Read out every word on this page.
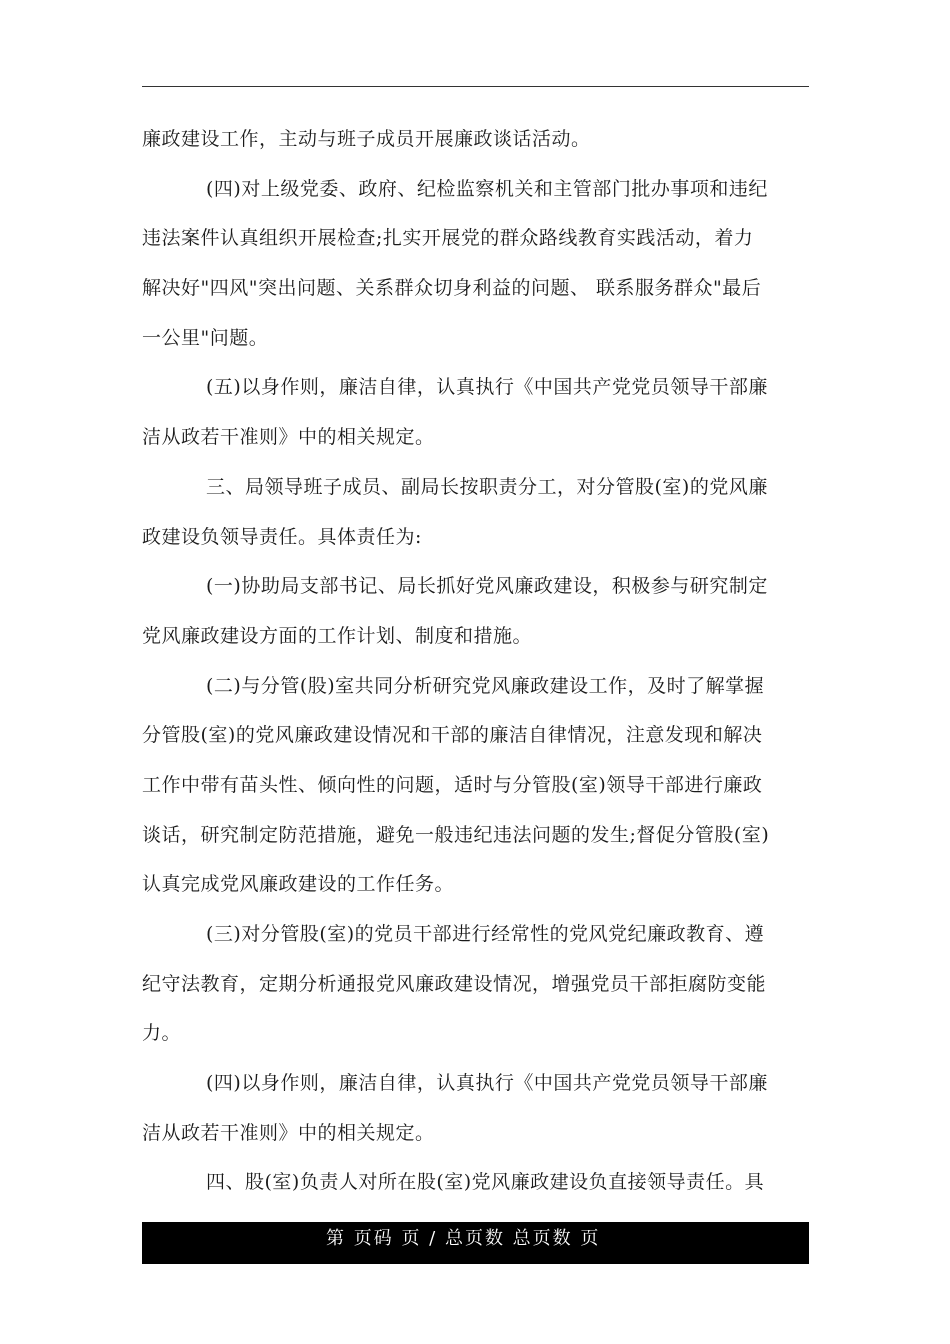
廉政建设工作，主动与班子成员开展廉政谈话活动。
(四)对上级党委、政府、纪检监察机关和主管部门批办事项和违纪
违法案件认真组织开展检查;扎实开展党的群众路线教育实践活动，着力
解决好"四风"突出问题、关系群众切身利益的问题、 联系服务群众"最后
一公里"问题。
(五)以身作则，廉洁自律，认真执行《中国共产党党员领导干部廉
洁从政若干准则》中的相关规定。
三、局领导班子成员、副局长按职责分工，对分管股(室)的党风廉
政建设负领导责任。具体责任为:
(一)协助局支部书记、局长抓好党风廉政建设，积极参与研究制定
党风廉政建设方面的工作计划、制度和措施。
(二)与分管(股)室共同分析研究党风廉政建设工作，及时了解掌握
分管股(室)的党风廉政建设情况和干部的廉洁自律情况，注意发现和解决
工作中带有苗头性、倾向性的问题，适时与分管股(室)领导干部进行廉政
谈话，研究制定防范措施，避免一般违纪违法问题的发生;督促分管股(室)
认真完成党风廉政建设的工作任务。
(三)对分管股(室)的党员干部进行经常性的党风党纪廉政教育、遵
纪守法教育，定期分析通报党风廉政建设情况，增强党员干部拒腐防变能
力。
(四)以身作则，廉洁自律，认真执行《中国共产党党员领导干部廉
洁从政若干准则》中的相关规定。
四、股(室)负责人对所在股(室)党风廉政建设负直接领导责任。具
第 页码 页 / 总页数 总页数 页
